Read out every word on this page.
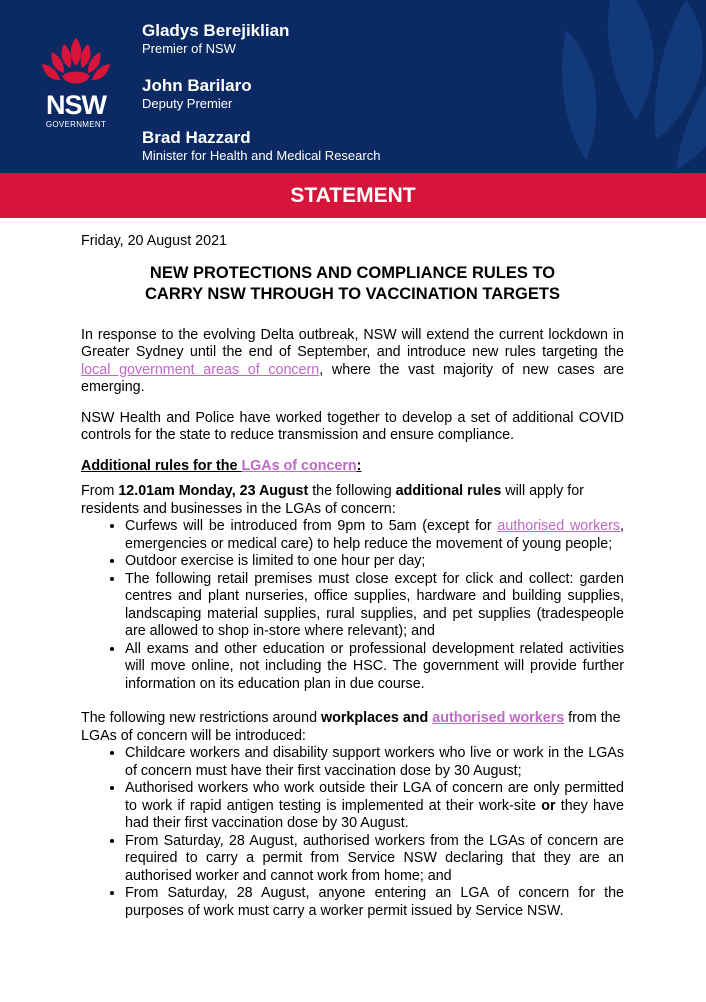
NSW
GOVERNMENT
Gladys Berejiklian
Premier of NSW
John Barilaro
Deputy Premier
Brad Hazzard
Minister for Health and Medical Research
STATEMENT
Friday, 20 August 2021
NEW PROTECTIONS AND COMPLIANCE RULES TO
CARRY NSW THROUGH TO VACCINATION TARGETS

In response to the evolving Delta outbreak, NSW will extend the current lockdown in Greater Sydney until the end of September, and introduce new rules targeting the local government areas of concern, where the vast majority of new cases are emerging.

NSW Health and Police have worked together to develop a set of additional COVID controls for the state to reduce transmission and ensure compliance.

Additional rules for the LGAs of concern:
From 12.01am Monday, 23 August the following additional rules will apply for residents and businesses in the LGAs of concern:
• Curfews will be introduced from 9pm to 5am (except for authorised workers, emergencies or medical care) to help reduce the movement of young people;
• Outdoor exercise is limited to one hour per day;
• The following retail premises must close except for click and collect: garden centres and plant nurseries, office supplies, hardware and building supplies, landscaping material supplies, rural supplies, and pet supplies (tradespeople are allowed to shop in-store where relevant); and
• All exams and other education or professional development related activities will move online, not including the HSC. The government will provide further information on its education plan in due course.
The following new restrictions around workplaces and authorised workers from the LGAs of concern will be introduced:
• Childcare workers and disability support workers who live or work in the LGAs of concern must have their first vaccination dose by 30 August;
• Authorised workers who work outside their LGA of concern are only permitted to work if rapid antigen testing is implemented at their work-site or they have had their first vaccination dose by 30 August.
• From Saturday, 28 August, authorised workers from the LGAs of concern are required to carry a permit from Service NSW declaring that they are an authorised worker and cannot work from home; and
• From Saturday, 28 August, anyone entering an LGA of concern for the purposes of work must carry a worker permit issued by Service NSW.
